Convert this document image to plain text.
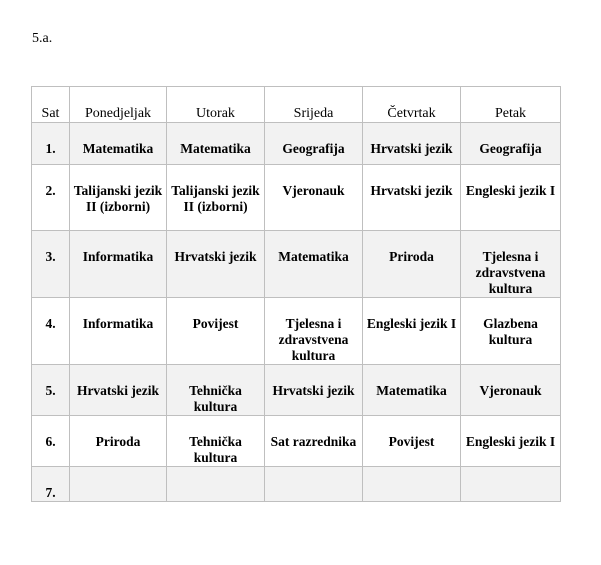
5.a.
Sat	Ponedjeljak	Utorak	Srijeda	Četvrtak	Petak

1.	Matematika	Matematika	Geografija	Hrvatski jezik	Geografija

2.	Talijanski jezik II (izborni)	Talijanski jezik II (izborni)	Vjeronauk	Hrvatski jezik	Engleski jezik I

3.	Informatika	Hrvatski jezik	Matematika	Priroda	Tjelesna i zdravstvena kultura

4.	Informatika	Povijest	Tjelesna i zdravstvena kultura	Engleski jezik I	Glazbena kultura

5.	Hrvatski jezik	Tehnička kultura	Hrvatski jezik	Matematika	Vjeronauk

6.	Priroda	Tehnička kultura	Sat razrednika	Povijest	Engleski jezik I

7.					
